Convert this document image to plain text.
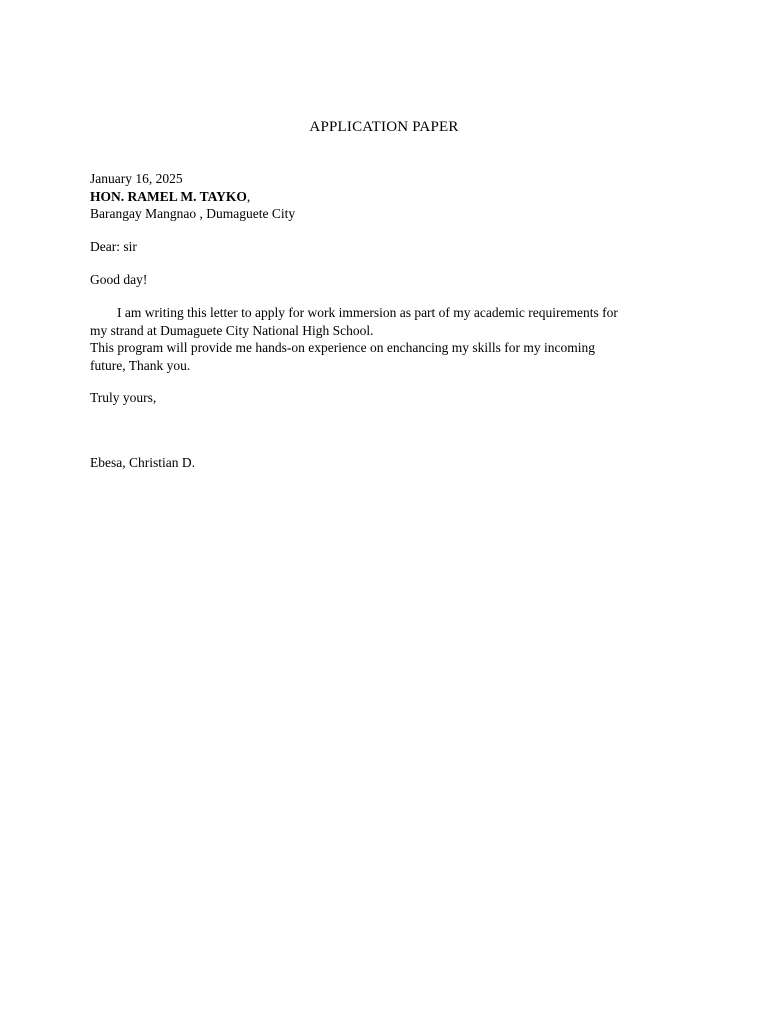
APPLICATION PAPER
January 16, 2025
HON. RAMEL M. TAYKO,
Barangay Mangnao , Dumaguete City
Dear: sir
Good day!
I am writing this letter to apply for work immersion as part of my academic requirements for
my strand at Dumaguete City National High School.
This program will provide me hands-on experience on enchancing my skills for my incoming
future, Thank you.
Truly yours,
Ebesa, Christian D.
